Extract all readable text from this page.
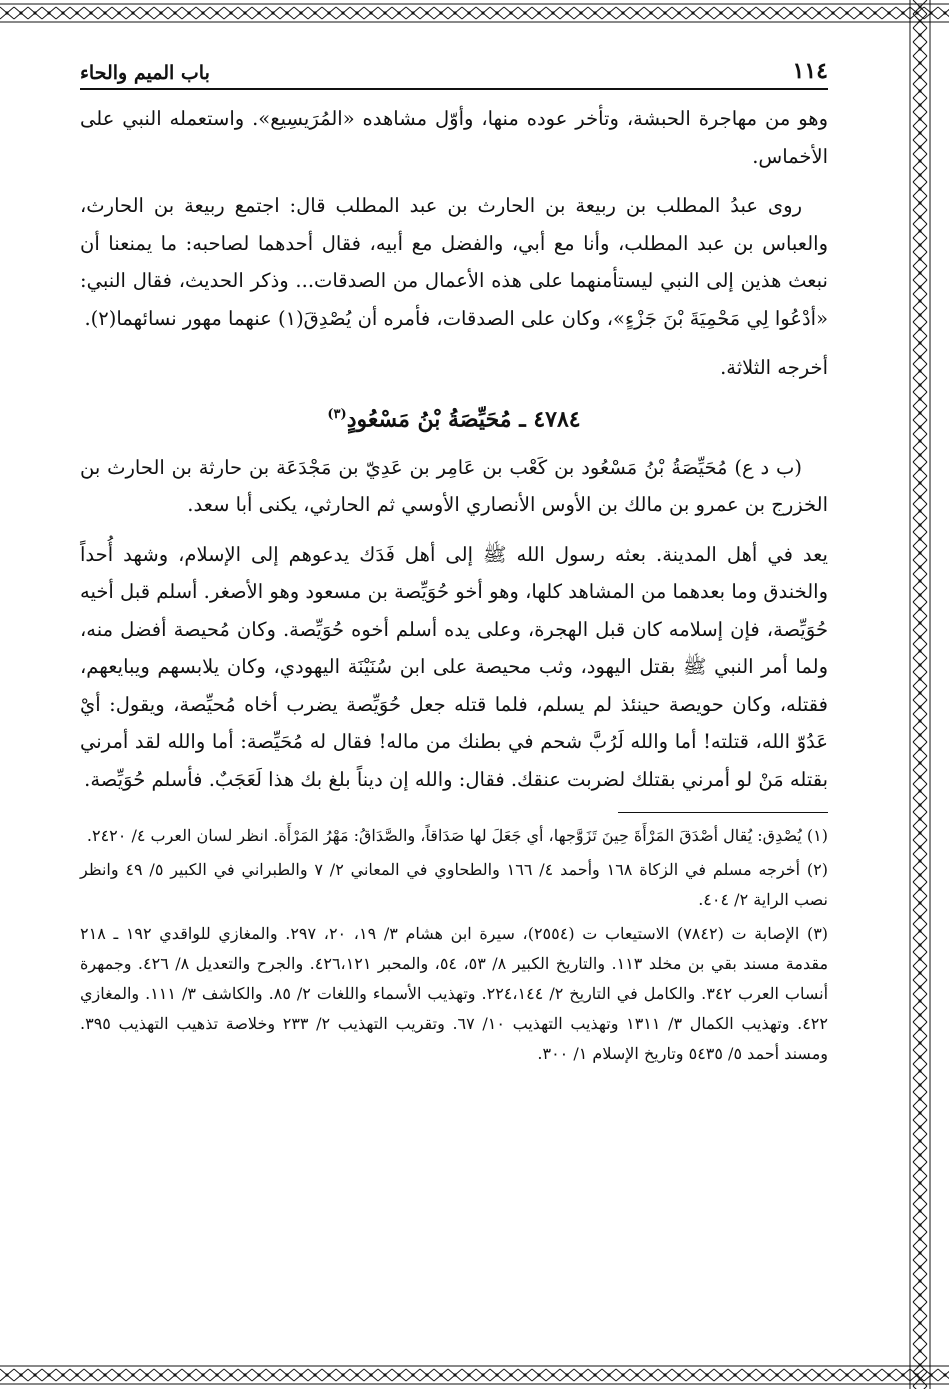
١١٤
باب الميم والحاء

وهو من مهاجرة الحبشة، وتأخر عوده منها، وأوّل مشاهده «المُرَيسِيع». واستعمله النبي على الأخماس.

روى عبدُ المطلب بن ربيعة بن الحارث بن عبد المطلب قال: اجتمع ربيعة بن الحارث، والعباس بن عبد المطلب، وأنا مع أبي، والفضل مع أبيه، فقال أحدهما لصاحبه: ما يمنعنا أن نبعث هذين إلى النبي ليستأمنهما على هذه الأعمال من الصدقات... وذكر الحديث، فقال النبي: «أدْعُوا لِي مَحْمِيَةَ بْنَ جَزْءٍ»، وكان على الصدقات، فأمره أن يُصْدِقَ(١) عنهما مهور نسائهما(٢).

أخرجه الثلاثة.

٤٧٨٤ ـ مُحَيِّصَةُ بْنُ مَسْعُودٍ$^{(٣)}$

(ب د ع) مُحَيِّصَةُ بْنُ مَسْعُود بن كَعْب بن عَامِر بن عَدِيّ بن مَجْدَعَة بن حارثة بن الحارث بن الخزرج بن عمرو بن مالك بن الأوس الأنصاري الأوسي ثم الحارثي، يكنى أبا سعد.

يعد في أهل المدينة. بعثه رسول الله ﷺ إلى أهل فَدَك يدعوهم إلى الإسلام، وشهد أُحداً والخندق وما بعدهما من المشاهد كلها، وهو أخو حُوَيِّصة بن مسعود وهو الأصغر. أسلم قبل أخيه حُوَيِّصة، فإن إسلامه كان قبل الهجرة، وعلى يده أسلم أخوه حُوَيِّصة. وكان مُحيصة أفضل منه، ولما أمر النبي ﷺ بقتل اليهود، وثب محيصة على ابن سُنَيْنَة اليهودي، وكان يلابسهم ويبايعهم، فقتله، وكان حويصة حينئذ لم يسلم، فلما قتله جعل حُوَيِّصة يضرب أخاه مُحيِّصة، ويقول: أيْ عَدُوّ الله، قتلته! أما والله لَرُبَّ شحم في بطنك من ماله! فقال له مُحَيِّصة: أما والله لقد أمرني بقتله مَنْ لو أمرني بقتلك لضربت عنقك. فقال: والله إن ديناً بلغ بك هذا لَعَجَبٌ. فأسلم حُوَيِّصة.

(١) يُصْدِق: يُقال أصْدَقَ المَرْأَةَ حِينَ تَزَوَّجها، أي جَعَلَ لها صَدَاقاً، والصَّدَاقُ: مَهْرُ المَرْأَة. انظر لسان العرب ٤/ ٢٤٢٠.

(٢) أخرجه مسلم في الزكاة ١٦٨ وأحمد ٤/ ١٦٦ والطحاوي في المعاني ٢/ ٧ والطبراني في الكبير ٥/ ٤٩ وانظر نصب الراية ٢/ ٤٠٤.

(٣) الإصابة ت (٧٨٤٢) الاستيعاب ت (٢٥٥٤)، سيرة ابن هشام ٣/ ١٩، ٢٠، ٢٩٧. والمغازي للواقدي ١٩٢ ـ ٢١٨ مقدمة مسند بقي بن مخلد ١١٣. والتاريخ الكبير ٨/ ٥٣، ٥٤، والمحبر ٤٢٦،١٢١. والجرح والتعديل ٨/ ٤٢٦. وجمهرة أنساب العرب ٣٤٢. والكامل في التاريخ ٢/ ٢٢٤،١٤٤. وتهذيب الأسماء واللغات ٢/ ٨٥. والكاشف ٣/ ١١١. والمغازي ٤٢٢. وتهذيب الكمال ٣/ ١٣١١ وتهذيب التهذيب ١٠/ ٦٧. وتقريب التهذيب ٢/ ٢٣٣ وخلاصة تذهيب التهذيب ٣٩٥. ومسند أحمد ٥/ ٥٤٣٥ وتاريخ الإسلام ١/ ٣٠٠.
